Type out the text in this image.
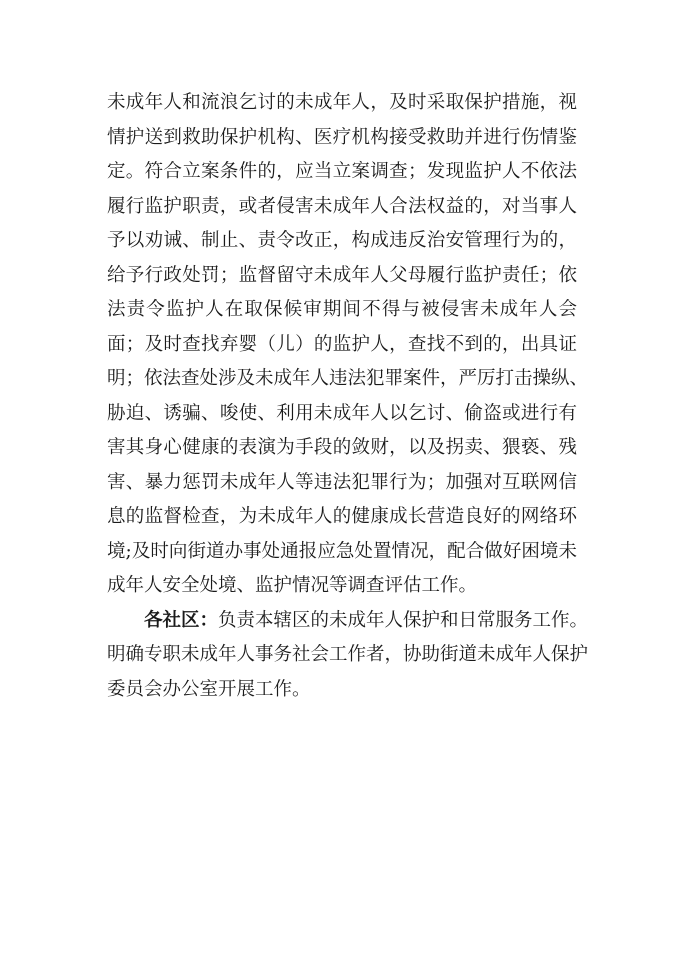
未成年人和流浪乞讨的未成年人，及时采取保护措施，视
情护送到救助保护机构、医疗机构接受救助并进行伤情鉴
定。符合立案条件的，应当立案调查；发现监护人不依法
履行监护职责，或者侵害未成年人合法权益的，对当事人
予以劝诫、制止、责令改正，构成违反治安管理行为的，
给予行政处罚；监督留守未成年人父母履行监护责任；依
法责令监护人在取保候审期间不得与被侵害未成年人会
面；及时查找弃婴（儿）的监护人，查找不到的，出具证
明；依法查处涉及未成年人违法犯罪案件，严厉打击操纵、
胁迫、诱骗、唆使、利用未成年人以乞讨、偷盗或进行有
害其身心健康的表演为手段的敛财，以及拐卖、猥亵、残
害、暴力惩罚未成年人等违法犯罪行为；加强对互联网信
息的监督检查，为未成年人的健康成长营造良好的网络环
境;及时向街道办事处通报应急处置情况，配合做好困境未
成年人安全处境、监护情况等调查评估工作。
各社区：负责本辖区的未成年人保护和日常服务工作。
明确专职未成年人事务社会工作者，协助街道未成年人保护
委员会办公室开展工作。
